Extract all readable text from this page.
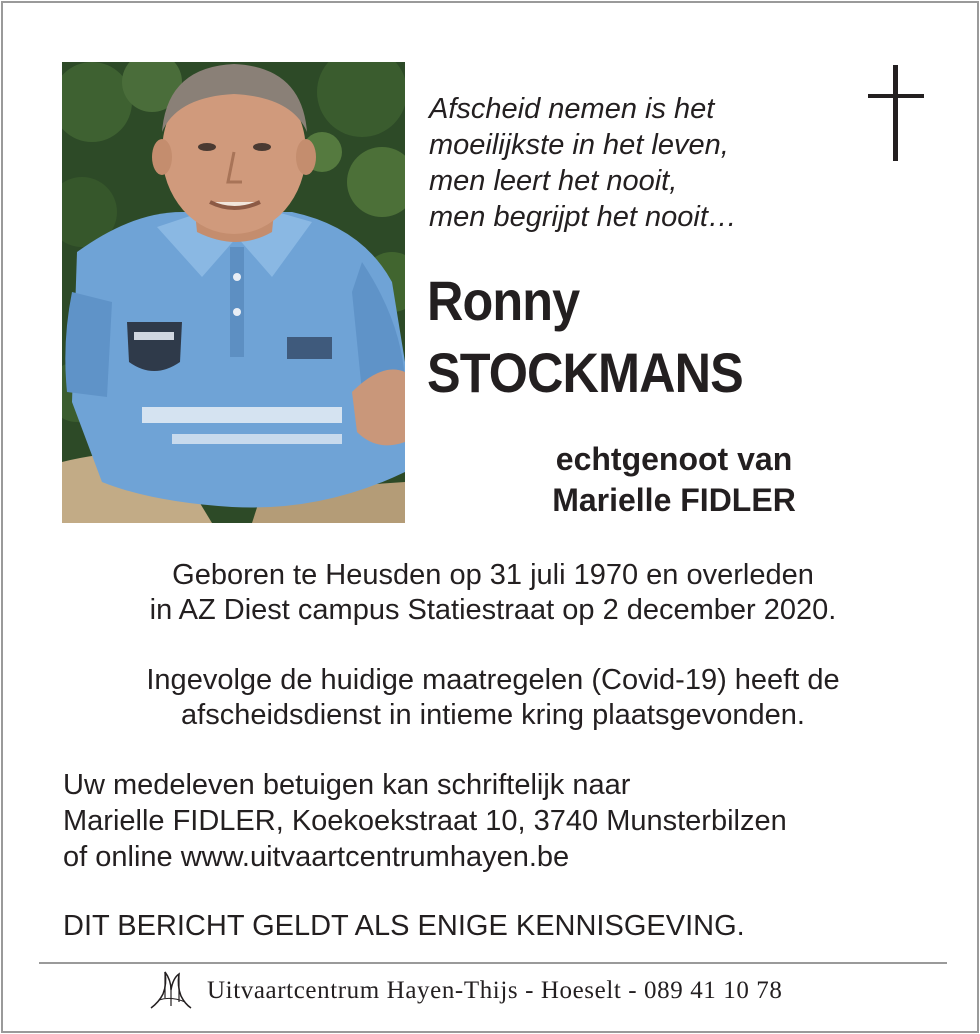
Afscheid nemen is het
moeilijkste in het leven,
men leert het nooit,
men begrijpt het nooit…
Ronny
STOCKMANS
echtgenoot van
Marielle FIDLER
Geboren te Heusden op 31 juli 1970 en overleden
in AZ Diest campus Statiestraat op 2 december 2020.
Ingevolge de huidige maatregelen (Covid-19) heeft de
afscheidsdienst in intieme kring plaatsgevonden.
Uw medeleven betuigen kan schriftelijk naar
Marielle FIDLER, Koekoekstraat 10, 3740 Munsterbilzen
of online www.uitvaartcentrumhayen.be
DIT BERICHT GELDT ALS ENIGE KENNISGEVING.
Uitvaartcentrum Hayen-Thijs - Hoeselt - 089 41 10 78
